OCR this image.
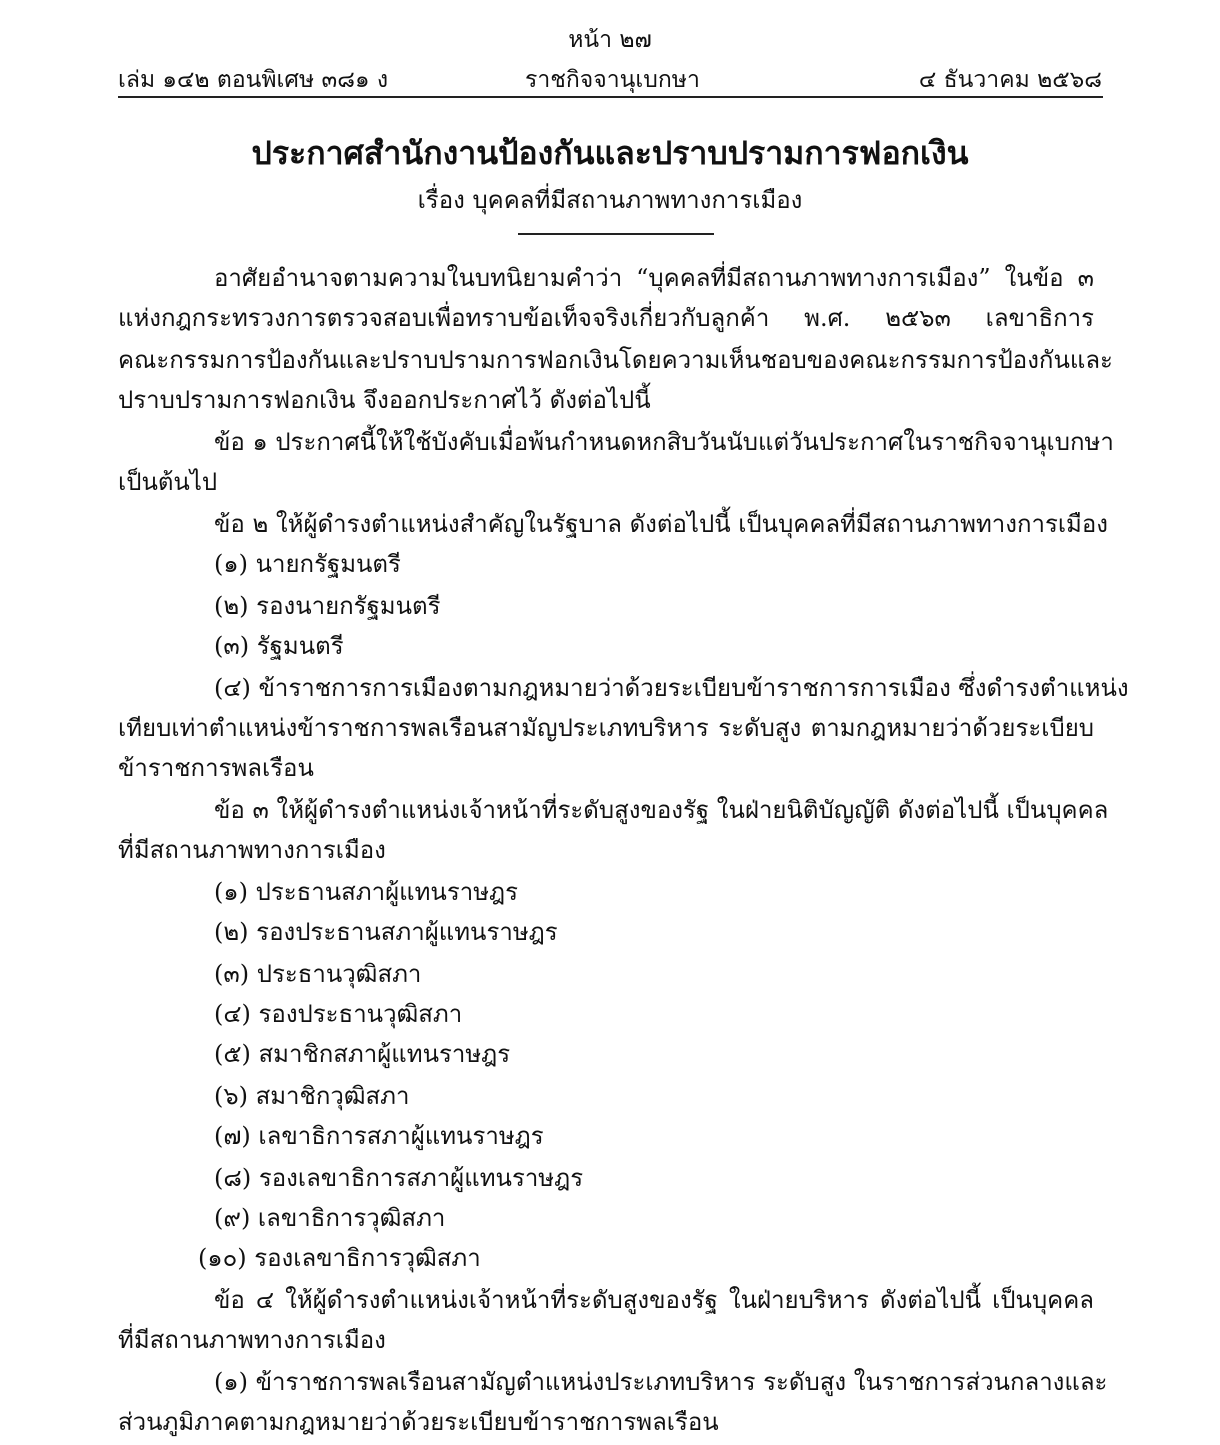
หน้า ๒๗
เล่ม ๑๔๒ ตอนพิเศษ ๓๘๑ ง	ราชกิจจานุเบกษา	๔ ธันวาคม ๒๕๖๘
ประกาศสำนักงานป้องกันและปราบปรามการฟอกเงิน
เรื่อง บุคคลที่มีสถานภาพทางการเมือง
อาศัยอำนาจตามความในบทนิยามคำว่า “บุคคลที่มีสถานภาพทางการเมือง” ในข้อ ๓
แห่งกฎกระทรวงการตรวจสอบเพื่อทราบข้อเท็จจริงเกี่ยวกับลูกค้า พ.ศ. ๒๕๖๓ เลขาธิการ
คณะกรรมการป้องกันและปราบปรามการฟอกเงินโดยความเห็นชอบของคณะกรรมการป้องกันและ
ปราบปรามการฟอกเงิน จึงออกประกาศไว้ ดังต่อไปนี้
ข้อ ๑ ประกาศนี้ให้ใช้บังคับเมื่อพ้นกำหนดหกสิบวันนับแต่วันประกาศในราชกิจจานุเบกษา
เป็นต้นไป
ข้อ ๒ ให้ผู้ดำรงตำแหน่งสำคัญในรัฐบาล ดังต่อไปนี้ เป็นบุคคลที่มีสถานภาพทางการเมือง
(๑) นายกรัฐมนตรี
(๒) รองนายกรัฐมนตรี
(๓) รัฐมนตรี
(๔) ข้าราชการการเมืองตามกฎหมายว่าด้วยระเบียบข้าราชการการเมือง ซึ่งดำรงตำแหน่ง
เทียบเท่าตำแหน่งข้าราชการพลเรือนสามัญประเภทบริหาร ระดับสูง ตามกฎหมายว่าด้วยระเบียบ
ข้าราชการพลเรือน
ข้อ ๓ ให้ผู้ดำรงตำแหน่งเจ้าหน้าที่ระดับสูงของรัฐ ในฝ่ายนิติบัญญัติ ดังต่อไปนี้ เป็นบุคคล
ที่มีสถานภาพทางการเมือง
(๑) ประธานสภาผู้แทนราษฎร
(๒) รองประธานสภาผู้แทนราษฎร
(๓) ประธานวุฒิสภา
(๔) รองประธานวุฒิสภา
(๕) สมาชิกสภาผู้แทนราษฎร
(๖) สมาชิกวุฒิสภา
(๗) เลขาธิการสภาผู้แทนราษฎร
(๘) รองเลขาธิการสภาผู้แทนราษฎร
(๙) เลขาธิการวุฒิสภา
(๑๐) รองเลขาธิการวุฒิสภา
ข้อ ๔ ให้ผู้ดำรงตำแหน่งเจ้าหน้าที่ระดับสูงของรัฐ ในฝ่ายบริหาร ดังต่อไปนี้ เป็นบุคคล
ที่มีสถานภาพทางการเมือง
(๑) ข้าราชการพลเรือนสามัญตำแหน่งประเภทบริหาร ระดับสูง ในราชการส่วนกลางและ
ส่วนภูมิภาคตามกฎหมายว่าด้วยระเบียบข้าราชการพลเรือน
